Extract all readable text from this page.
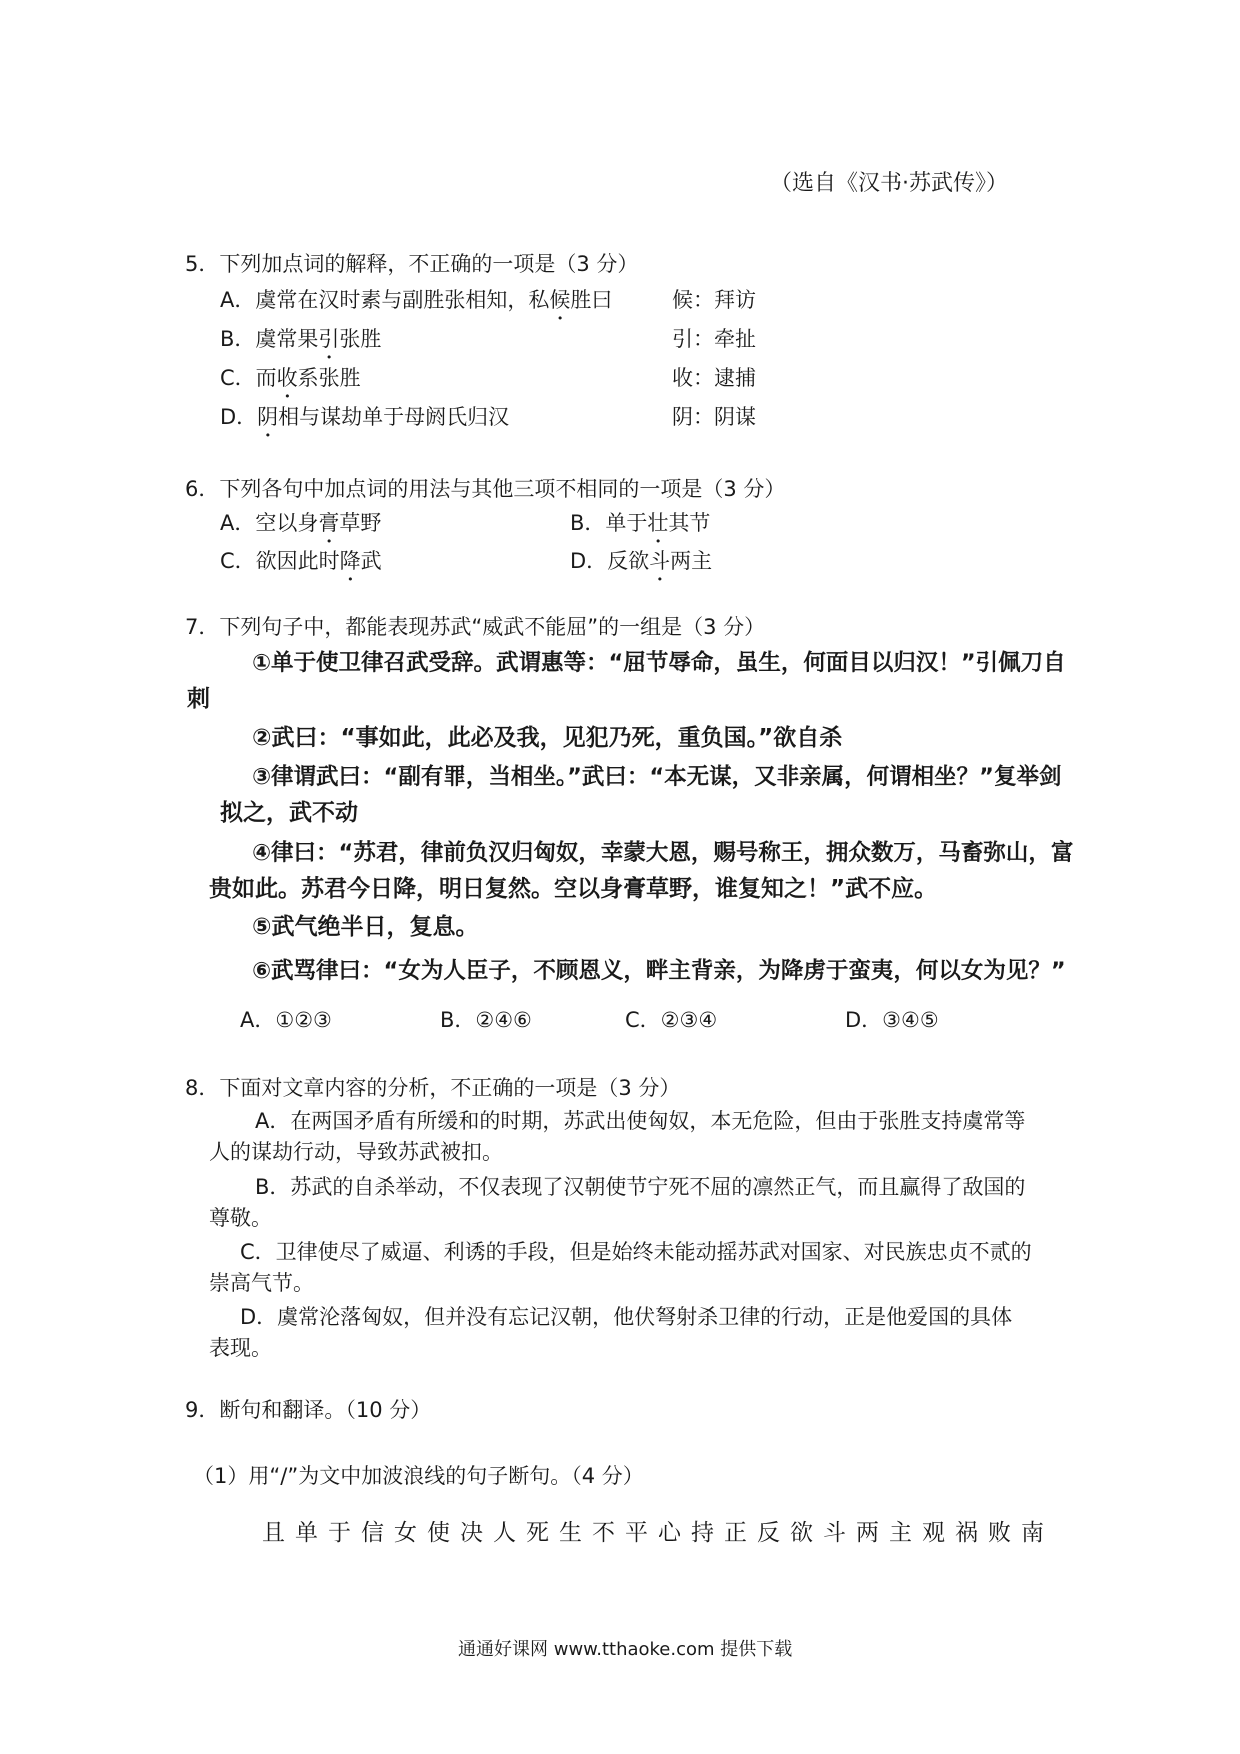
（选自《汉书·苏武传》）
5．下列加点词的解释，不正确的一项是（3 分）
A．虞常在汉时素与副胜张相知，私候胜曰	候：拜访
B．虞常果引张胜	引：牵扯
C．而收系张胜	收：逮捕
D．阴相与谋劫单于母阏氏归汉	阴：阴谋
6．下列各句中加点词的用法与其他三项不相同的一项是（3 分）
A．空以身膏草野	B．单于壮其节
C．欲因此时降武	D．反欲斗两主
7．下列句子中，都能表现苏武“威武不能屈”的一组是（3 分）
①单于使卫律召武受辞。武谓惠等：“屈节辱命，虽生，何面目以归汉！”引佩刀自
刺
②武曰：“事如此，此必及我，见犯乃死，重负国。”欲自杀
③律谓武曰：“副有罪，当相坐。”武曰：“本无谋，又非亲属，何谓相坐？”复举剑
拟之，武不动
④律曰：“苏君，律前负汉归匈奴，幸蒙大恩，赐号称王，拥众数万，马畜弥山，富
贵如此。苏君今日降，明日复然。空以身膏草野，谁复知之！”武不应。
⑤武气绝半日，复息。
⑥武骂律曰：“女为人臣子，不顾恩义，畔主背亲，为降虏于蛮夷，何以女为见？”
A．①②③	B．②④⑥	C．②③④	D．③④⑤
8．下面对文章内容的分析，不正确的一项是（3 分）
A．在两国矛盾有所缓和的时期，苏武出使匈奴，本无危险，但由于张胜支持虞常等
人的谋劫行动，导致苏武被扣。
B．苏武的自杀举动，不仅表现了汉朝使节宁死不屈的凛然正气，而且赢得了敌国的
尊敬。
C．卫律使尽了威逼、利诱的手段，但是始终未能动摇苏武对国家、对民族忠贞不贰的
崇高气节。
D．虞常沦落匈奴，但并没有忘记汉朝，他伏弩射杀卫律的行动，正是他爱国的具体
表现。
9．断句和翻译。（10 分）
（1）用“/”为文中加波浪线的句子断句。（4 分）
且单于信女使决人死生不平心持正反欲斗两主观祸败南
通通好课网 www.tthaoke.com 提供下载
